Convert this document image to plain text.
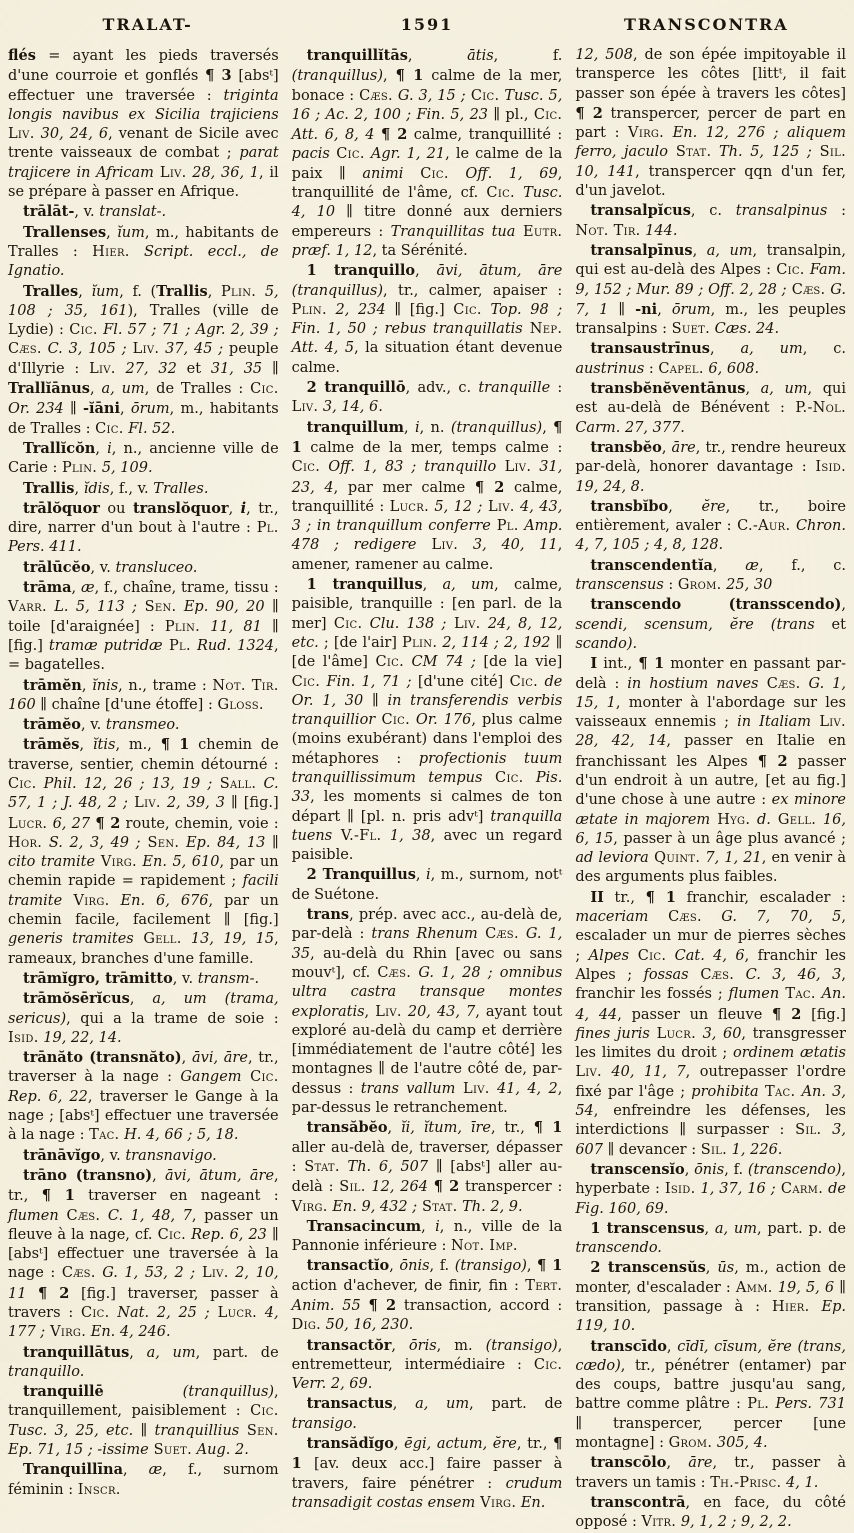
TRALAT-	1591	TRANSCONTRA

flés = ayant les pieds traversés d'une courroie et gonflés ¶ 3 [absᵗ] effectuer une traversée : triginta longis navibus ex Sicilia trajiciens Liv. 30, 24, 6, venant de Sicile avec trente vaisseaux de combat ; parat trajicere in Africam Liv. 28, 36, 1, il se prépare à passer en Afrique.

trālāt-, v. translat-.

Trallenses, ĭum, m., habitants de Tralles : Hier. Script. eccl., de Ignatio.

Tralles, ĭum, f. (Trallis, Plin. 5, 108 ; 35, 161), Tralles (ville de Lydie) : Cic. Fl. 57 ; 71 ; Agr. 2, 39 ; Cæs. C. 3, 105 ; Liv. 37, 45 ; peuple d'Illyrie : Liv. 27, 32 et 31, 35 ∥ Trallĭānus, a, um, de Tralles : Cic. Or. 234 ∥ -ĭāni, ōrum, m., habitants de Tralles : Cic. Fl. 52.

Trallĭcŏn, i, n., ancienne ville de Carie : Plin. 5, 109.

Trallis, ĭdis, f., v. Tralles.

trālŏquor ou translŏquor, i, tr., dire, narrer d'un bout à l'autre : Pl. Pers. 411.

trālūcĕo, v. transluceo.

trāma, æ, f., chaîne, trame, tissu : Varr. L. 5, 113 ; Sen. Ep. 90, 20 ∥ toile [d'araignée] : Plin. 11, 81 ∥ [fig.] tramæ putridæ Pl. Rud. 1324, = bagatelles.

trāmĕn, ĭnis, n., trame : Not. Tir. 160 ∥ chaîne [d'une étoffe] : Gloss.

trāmĕo, v. transmeo.

trāmĕs, ĭtis, m., ¶ 1 chemin de traverse, sentier, chemin détourné : Cic. Phil. 12, 26 ; 13, 19 ; Sall. C. 57, 1 ; J. 48, 2 ; Liv. 2, 39, 3 ∥ [fig.] Lucr. 6, 27 ¶ 2 route, chemin, voie : Hor. S. 2, 3, 49 ; Sen. Ep. 84, 13 ∥ cito tramite Virg. En. 5, 610, par un chemin rapide = rapidement ; facili tramite Virg. En. 6, 676, par un chemin facile, facilement ∥ [fig.] generis tramites Gell. 13, 19, 15, rameaux, branches d'une famille.

trāmĭgro, trāmitto, v. transm-.

trāmŏsērĭcus, a, um (trama, sericus), qui a la trame de soie : Isid. 19, 22, 14.

trānăto (transnăto), āvi, āre, tr., traverser à la nage : Gangem Cic. Rep. 6, 22, traverser le Gange à la nage ; [absᵗ] effectuer une traversée à la nage : Tac. H. 4, 66 ; 5, 18.

trānāvĭgo, v. transnavigo.

trāno (transno), āvi, ātum, āre, tr., ¶ 1 traverser en nageant : flumen Cæs. C. 1, 48, 7, passer un fleuve à la nage, cf. Cic. Rep. 6, 23 ∥ [absᵗ] effectuer une traversée à la nage : Cæs. G. 1, 53, 2 ; Liv. 2, 10, 11 ¶ 2 [fig.] traverser, passer à travers : Cic. Nat. 2, 25 ; Lucr. 4, 177 ; Virg. En. 4, 246.

tranquillātus, a, um, part. de tranquillo.

tranquillē	(tranquillus), tranquillement, paisiblement : Cic. Tusc. 3, 25, etc. ∥ tranquillius Sen. Ep. 71, 15 ; -issime Suet. Aug. 2.

Tranquillīna, æ, f., surnom féminin : Inscr.

tranquillĭtās, ātis, f. (tranquillus), ¶ 1 calme de la mer, bonace : Cæs. G. 3, 15 ; Cic. Tusc. 5, 16 ; Ac. 2, 100 ; Fin. 5, 23 ∥ pl., Cic. Att. 6, 8, 4 ¶ 2 calme, tranquillité : pacis Cic. Agr. 1, 21, le calme de la paix ∥ animi Cic. Off. 1, 69, tranquillité de l'âme, cf. Cic. Tusc. 4, 10 ∥ titre donné aux derniers empereurs : Tranquillitas tua Eutr. præf. 1, 12, ta Sérénité.

1 tranquillo, āvi, ātum, āre (tranquillus), tr., calmer, apaiser : Plin. 2, 234 ∥ [fig.] Cic. Top. 98 ; Fin. 1, 50 ; rebus tranquillatis Nep. Att. 4, 5, la situation étant devenue calme.

2 tranquillō, adv., c. tranquille : Liv. 3, 14, 6.

tranquillum, i, n. (tranquillus), ¶ 1 calme de la mer, temps calme : Cic. Off. 1, 83 ; tranquillo Liv. 31, 23, 4, par mer calme ¶ 2 calme, tranquillité : Lucr. 5, 12 ; Liv. 4, 43, 3 ; in tranquillum conferre Pl. Amp. 478 ; redigere Liv. 3, 40, 11, amener, ramener au calme.

1 tranquillus, a, um, calme, paisible, tranquille : [en parl. de la mer] Cic. Clu. 138 ; Liv. 24, 8, 12, etc. ; [de l'air] Plin. 2, 114 ; 2, 192 ∥ [de l'âme] Cic. CM 74 ; [de la vie] Cic. Fin. 1, 71 ; [d'une cité] Cic. de Or. 1, 30 ∥ in transferendis verbis tranquillior Cic. Or. 176, plus calme (moins exubérant) dans l'emploi des métaphores : profectionis tuum tranquillissimum tempus Cic. Pis. 33, les moments si calmes de ton départ ∥ [pl. n. pris advᵗ] tranquilla tuens V.-Fl. 1, 38, avec un regard paisible.

2 Tranquillus, i, m., surnom, notᵗ de Suétone.

trans, prép. avec acc., au-delà de, par-delà : trans Rhenum Cæs. G. 1, 35, au-delà du Rhin [avec ou sans mouvᵗ], cf. Cæs. G. 1, 28 ; omnibus ultra castra transque montes exploratis, Liv. 20, 43, 7, ayant tout exploré au-delà du camp et derrière [immédiatement de l'autre côté] les montagnes ∥ de l'autre côté de, par-dessus : trans vallum Liv. 41, 4, 2, par-dessus le retranchement.

transăbĕo, ĭi, ĭtum, īre, tr., ¶ 1 aller au-delà de, traverser, dépasser : Stat. Th. 6, 507 ∥ [absᵗ] aller au-delà : Sil. 12, 264 ¶ 2 transpercer : Virg. En. 9, 432 ; Stat. Th. 2, 9.

Transacincum, i, n., ville de la Pannonie inférieure : Not. Imp.

transactĭo, ōnis, f. (transigo), ¶ 1 action d'achever, de finir, fin : Tert. Anim. 55 ¶ 2 transaction, accord : Dig. 50, 16, 230.

transactŏr, ōris, m. (transigo), entremetteur, intermédiaire : Cic. Verr. 2, 69.

transactus, a, um, part. de transigo.

transădĭgo, ēgi, actum, ĕre, tr., ¶ 1 [av. deux acc.] faire passer à travers, faire pénétrer : crudum transadigit costas ensem Virg. En.

12, 508, de son épée impitoyable il transperce les côtes [littᵗ, il fait passer son épée à travers les côtes] ¶ 2 transpercer, percer de part en part : Virg. En. 12, 276 ; aliquem ferro, jaculo Stat. Th. 5, 125 ; Sil. 10, 141, transpercer qqn d'un fer, d'un javelot.

transalpĭcus, c. transalpinus : Not. Tir. 144.

transalpīnus, a, um, transalpin, qui est au-delà des Alpes : Cic. Fam. 9, 152 ; Mur. 89 ; Off. 2, 28 ; Cæs. G. 7, 1 ∥ -ni, ōrum, m., les peuples transalpins : Suet. Cæs. 24.

transaustrīnus, a, um, c. austrinus : Capel. 6, 608.

transbĕnĕventānus, a, um, qui est au-delà de Bénévent : P.-Nol. Carm. 27, 377.

transbĕo, āre, tr., rendre heureux par-delà, honorer davantage : Isid. 19, 24, 8.

transbĭbo, ĕre, tr., boire entièrement, avaler : C.-Aur. Chron. 4, 7, 105 ; 4, 8, 128.

transcendentĭa, æ, f., c. transcensus : Grom. 25, 30

transcendo (transscendo), scendi, scensum, ĕre (trans et scando).

I int., ¶ 1 monter en passant par-delà : in hostium naves Cæs. G. 1, 15, 1, monter à l'abordage sur les vaisseaux ennemis ; in Italiam Liv. 28, 42, 14, passer en Italie en franchissant les Alpes ¶ 2 passer d'un endroit à un autre, [et au fig.] d'une chose à une autre : ex minore ætate in majorem Hyg. d. Gell. 16, 6, 15, passer à un âge plus avancé ; ad leviora Quint. 7, 1, 21, en venir à des arguments plus faibles.

II tr., ¶ 1 franchir, escalader : maceriam Cæs. G. 7, 70, 5, escalader un mur de pierres sèches ; Alpes Cic. Cat. 4, 6, franchir les Alpes ; fossas Cæs. C. 3, 46, 3, franchir les fossés ; flumen Tac. An. 4, 44, passer un fleuve ¶ 2 [fig.] fines juris Lucr. 3, 60, transgresser les limites du droit ; ordinem ætatis Liv. 40, 11, 7, outrepasser l'ordre fixé par l'âge ; prohibita Tac. An. 3, 54, enfreindre les défenses, les interdictions ∥ surpasser : Sil. 3, 607 ∥ devancer : Sil. 1, 226.

transcensĭo, ōnis, f. (transcendo), hyperbate : Isid. 1, 37, 16 ; Carm. de Fig. 160, 69.

1 transcensus, a, um, part. p. de transcendo.

2 transcensŭs, ūs, m., action de monter, d'escalader : Amm. 19, 5, 6 ∥ transition, passage à : Hier. Ep. 119, 10.

transcīdo, cīdī, cīsum, ĕre (trans, cædo), tr., pénétrer (entamer) par des coups, battre jusqu'au sang, battre comme plâtre : Pl. Pers. 731 ∥ transpercer, percer [une montagne] : Grom. 305, 4.

transcōlo, āre, tr., passer à travers un tamis : Th.-Prisc. 4, 1.

transcontrā, en face, du côté opposé : Vitr. 9, 1, 2 ; 9, 2, 2.
